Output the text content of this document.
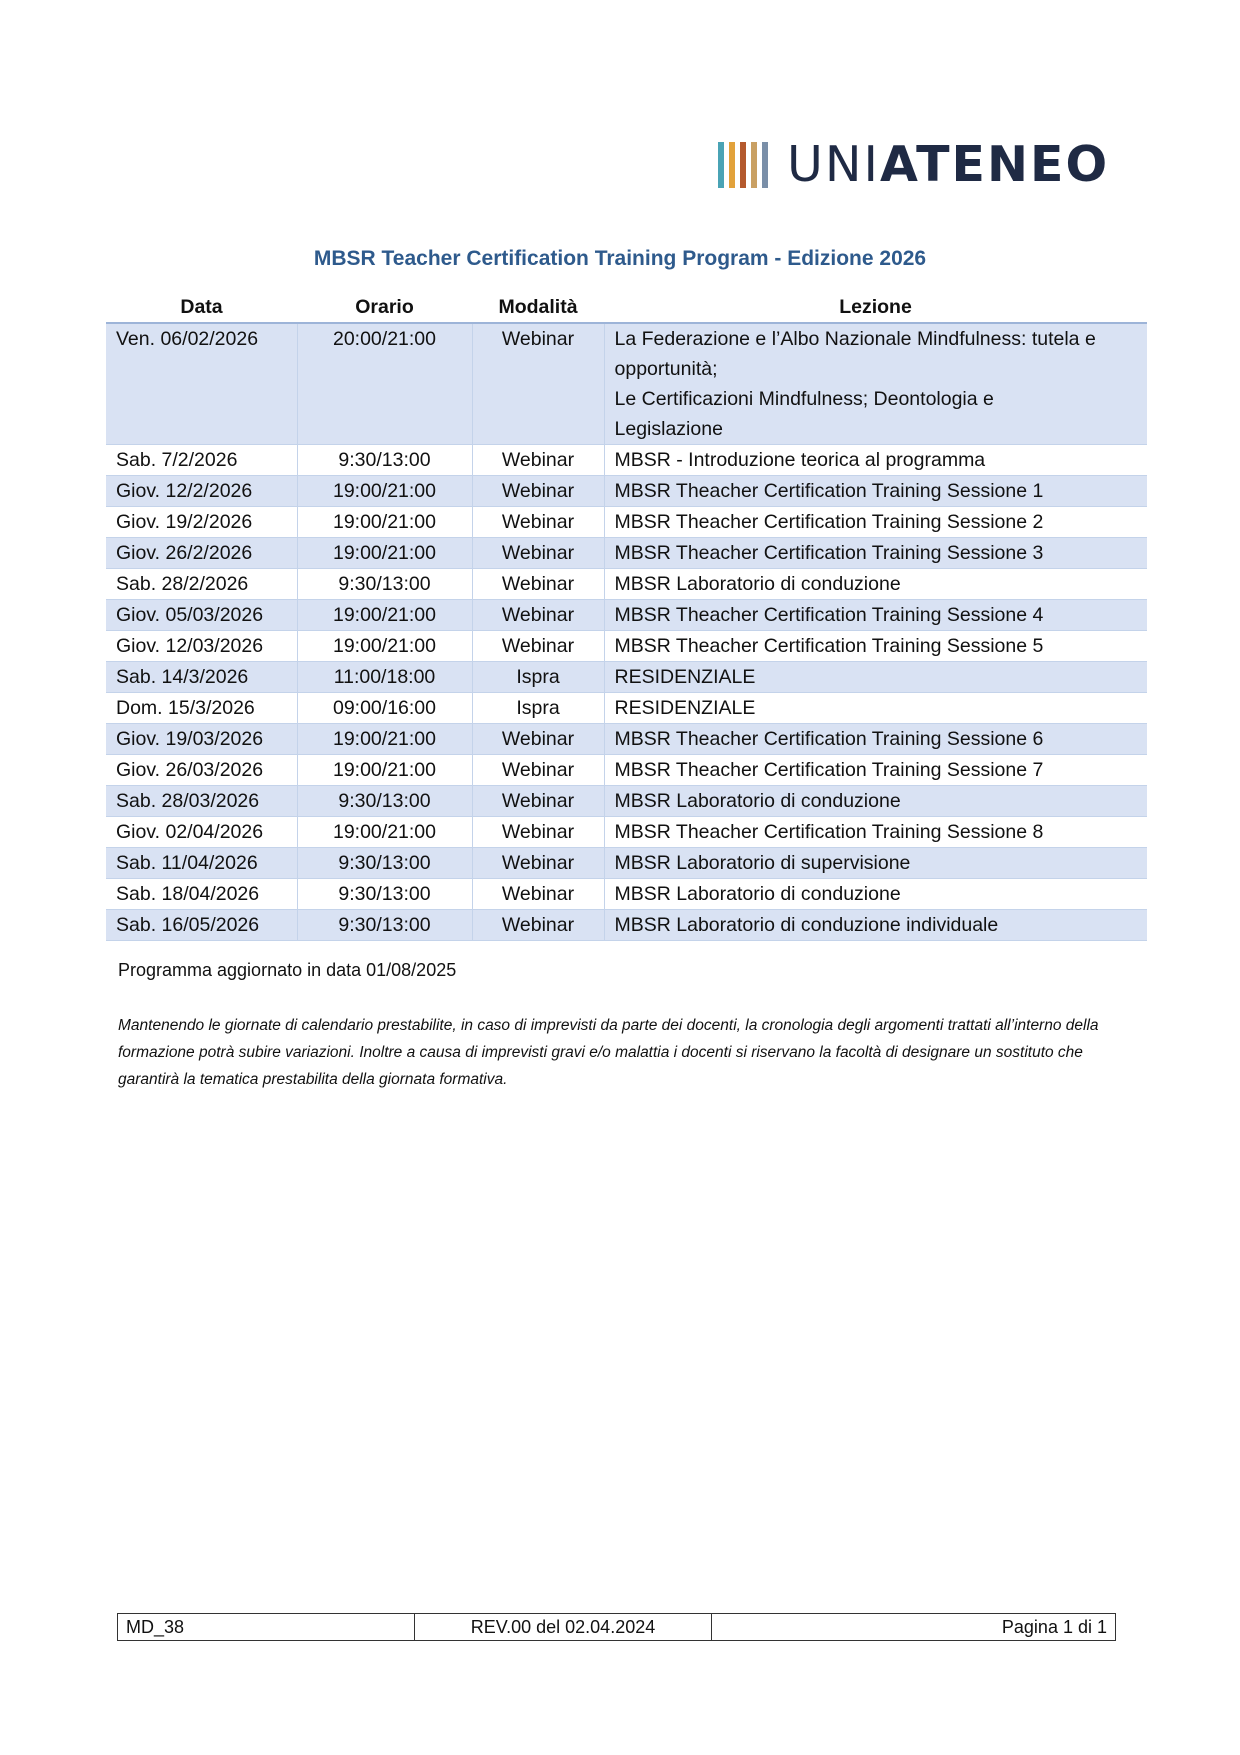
UNIATENEO
MBSR Teacher Certification Training Program - Edizione 2026
Data	Orario	Modalità	Lezione
Ven. 06/02/2026	20:00/21:00	Webinar	La Federazione e l’Albo Nazionale Mindfulness: tutela e
opportunità;
Le Certificazioni Mindfulness; Deontologia e
Legislazione
Sab. 7/2/2026	9:30/13:00	Webinar	MBSR - Introduzione teorica al programma
Giov. 12/2/2026	19:00/21:00	Webinar	MBSR Theacher Certification Training Sessione 1
Giov. 19/2/2026	19:00/21:00	Webinar	MBSR Theacher Certification Training Sessione 2
Giov. 26/2/2026	19:00/21:00	Webinar	MBSR Theacher Certification Training Sessione 3
Sab. 28/2/2026	9:30/13:00	Webinar	MBSR Laboratorio di conduzione
Giov. 05/03/2026	19:00/21:00	Webinar	MBSR Theacher Certification Training Sessione 4
Giov. 12/03/2026	19:00/21:00	Webinar	MBSR Theacher Certification Training Sessione 5
Sab. 14/3/2026	11:00/18:00	Ispra	RESIDENZIALE
Dom. 15/3/2026	09:00/16:00	Ispra	RESIDENZIALE
Giov. 19/03/2026	19:00/21:00	Webinar	MBSR Theacher Certification Training Sessione 6
Giov. 26/03/2026	19:00/21:00	Webinar	MBSR Theacher Certification Training Sessione 7
Sab. 28/03/2026	9:30/13:00	Webinar	MBSR Laboratorio di conduzione
Giov. 02/04/2026	19:00/21:00	Webinar	MBSR Theacher Certification Training Sessione 8
Sab. 11/04/2026	9:30/13:00	Webinar	MBSR Laboratorio di supervisione
Sab. 18/04/2026	9:30/13:00	Webinar	MBSR Laboratorio di conduzione
Sab. 16/05/2026	9:30/13:00	Webinar	MBSR Laboratorio di conduzione individuale
Programma aggiornato in data 01/08/2025
Mantenendo le giornate di calendario prestabilite, in caso di imprevisti da parte dei docenti, la cronologia degli argomenti trattati all’interno della formazione potrà subire variazioni. Inoltre a causa di imprevisti gravi e/o malattia i docenti si riservano la facoltà di designare un sostituto che garantirà la tematica prestabilita della giornata formativa.
MD_38	REV.00 del 02.04.2024	Pagina 1 di 1
